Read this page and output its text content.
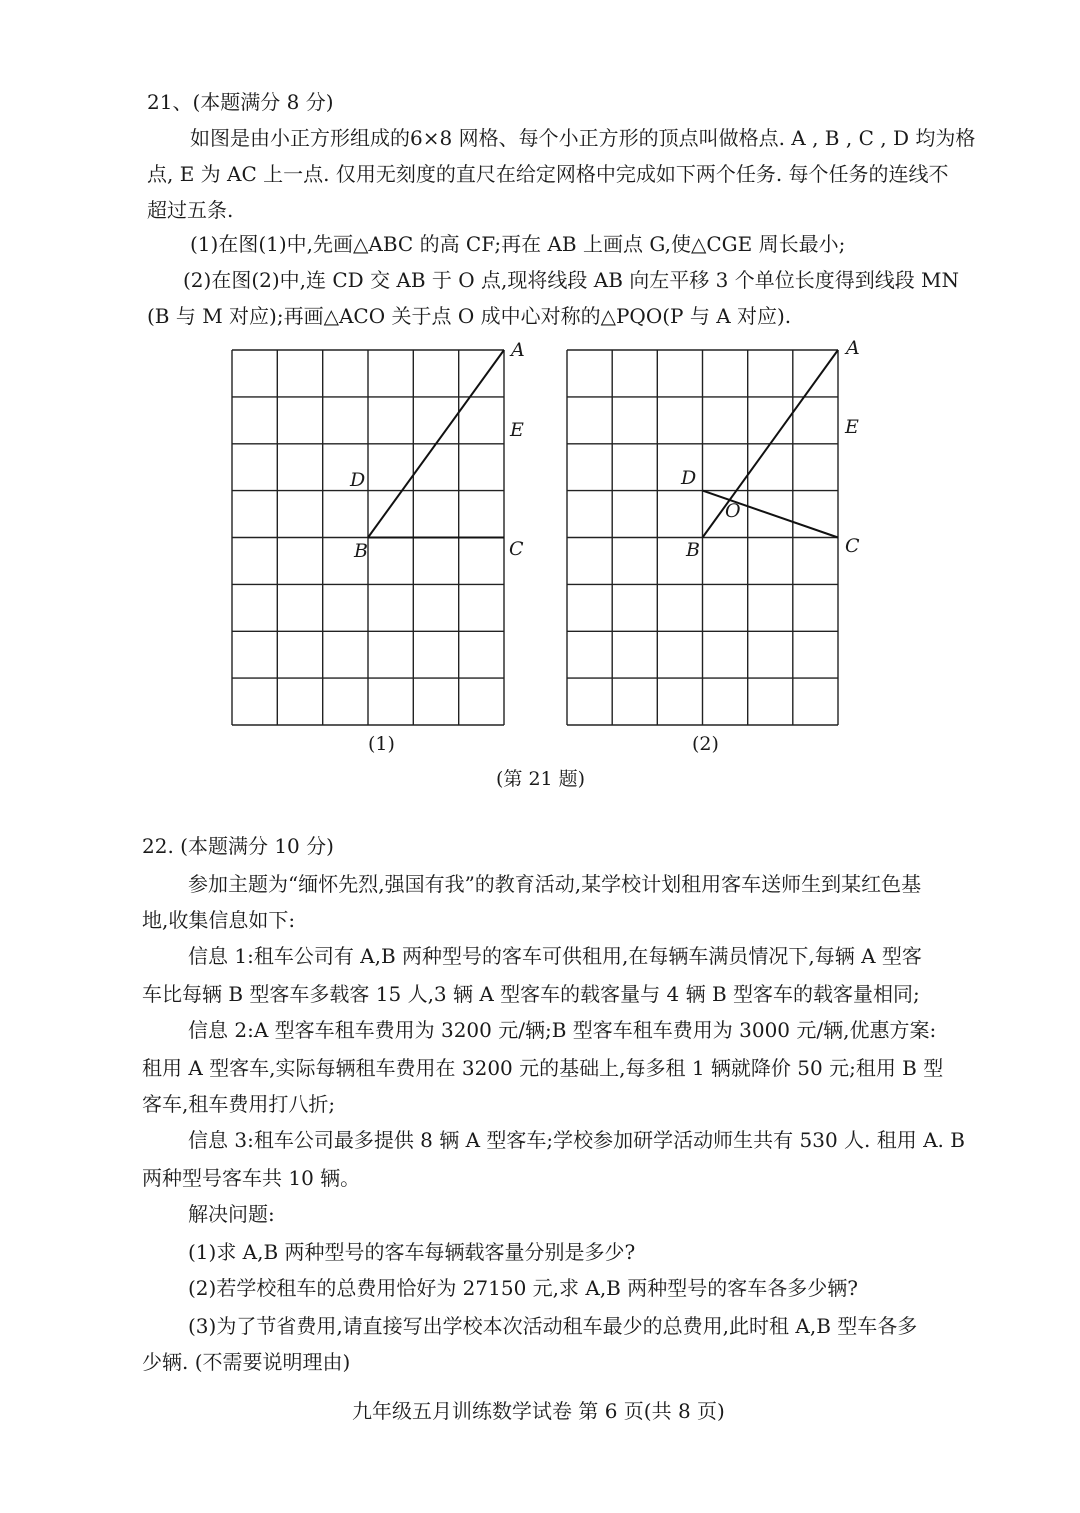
21、(本题满分 8 分)
如图是由小正方形组成的6×8 网格、每个小正方形的顶点叫做格点. A , B , C , D 均为格
点, E 为 AC 上一点. 仅用无刻度的直尺在给定网格中完成如下两个任务. 每个任务的连线不
超过五条.
(1)在图(1)中,先画△ABC 的高 CF;再在 AB 上画点 G,使△CGE 周长最小;
(2)在图(2)中,连 CD 交 AB 于 O 点,现将线段 AB 向左平移 3 个单位长度得到线段 MN
(B 与 M 对应);再画△ACO 关于点 O 成中心对称的△PQO(P 与 A 对应).
A
E
D
B	C
A
E
D
O
B	C
(1)	(2)
(第 21 题)
22. (本题满分 10 分)
参加主题为“缅怀先烈,强国有我”的教育活动,某学校计划租用客车送师生到某红色基
地,收集信息如下:
信息 1:租车公司有 A,B 两种型号的客车可供租用,在每辆车满员情况下,每辆 A 型客
车比每辆 B 型客车多载客 15 人,3 辆 A 型客车的载客量与 4 辆 B 型客车的载客量相同;
信息 2:A 型客车租车费用为 3200 元/辆;B 型客车租车费用为 3000 元/辆,优惠方案:
租用 A 型客车,实际每辆租车费用在 3200 元的基础上,每多租 1 辆就降价 50 元;租用 B 型
客车,租车费用打八折;
信息 3:租车公司最多提供 8 辆 A 型客车;学校参加研学活动师生共有 530 人. 租用 A. B
两种型号客车共 10 辆。
解决问题:
(1)求 A,B 两种型号的客车每辆载客量分别是多少?
(2)若学校租车的总费用恰好为 27150 元,求 A,B 两种型号的客车各多少辆?
(3)为了节省费用,请直接写出学校本次活动租车最少的总费用,此时租 A,B 型车各多
少辆. (不需要说明理由)
九年级五月训练数学试卷 第 6 页(共 8 页)
